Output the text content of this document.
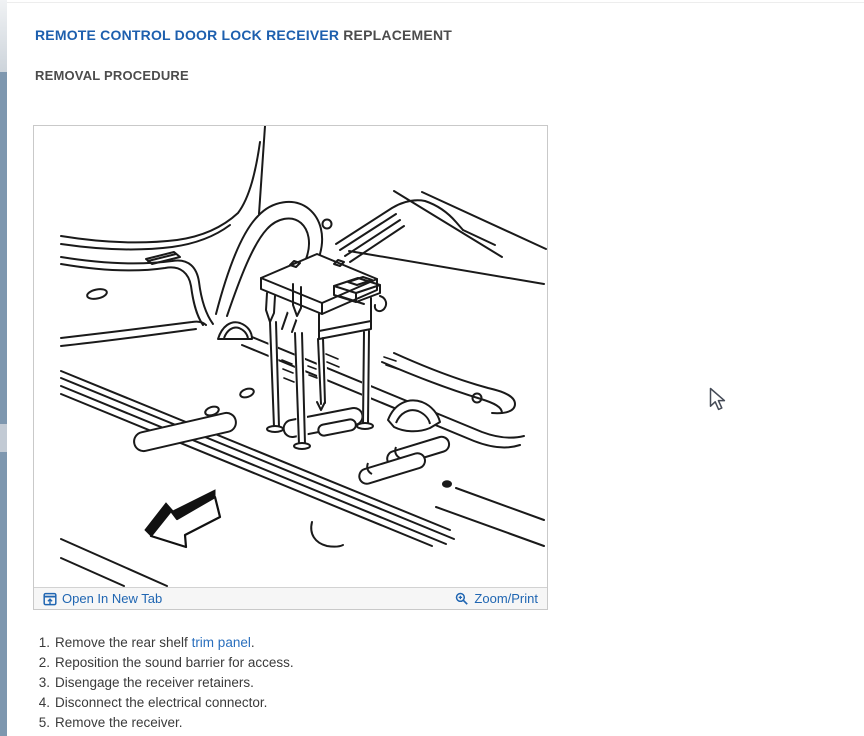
REMOTE CONTROL DOOR LOCK RECEIVER REPLACEMENT
REMOVAL PROCEDURE
Open In New Tab	Zoom/Print
1. Remove the rear shelf trim panel.
2. Reposition the sound barrier for access.
3. Disengage the receiver retainers.
4. Disconnect the electrical connector.
5. Remove the receiver.
